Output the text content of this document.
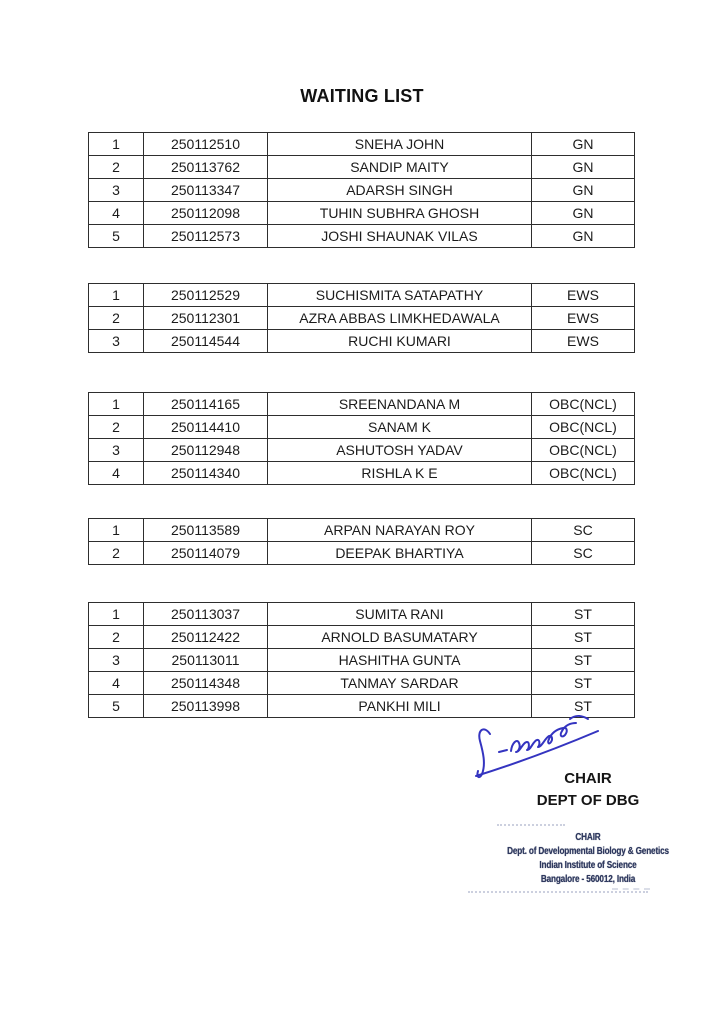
WAITING LIST
1	250112510	SNEHA JOHN	GN
2	250113762	SANDIP MAITY	GN
3	250113347	ADARSH SINGH	GN
4	250112098	TUHIN SUBHRA GHOSH	GN
5	250112573	JOSHI SHAUNAK VILAS	GN
1	250112529	SUCHISMITA SATAPATHY	EWS
2	250112301	AZRA ABBAS LIMKHEDAWALA	EWS
3	250114544	RUCHI KUMARI	EWS
1	250114165	SREENANDANA M	OBC(NCL)
2	250114410	SANAM K	OBC(NCL)
3	250112948	ASHUTOSH YADAV	OBC(NCL)
4	250114340	RISHLA K E	OBC(NCL)
1	250113589	ARPAN NARAYAN ROY	SC
2	250114079	DEEPAK BHARTIYA	SC
1	250113037	SUMITA RANI	ST
2	250112422	ARNOLD BASUMATARY	ST
3	250113011	HASHITHA GUNTA	ST
4	250114348	TANMAY SARDAR	ST
5	250113998	PANKHI MILI	ST
CHAIR
DEPT OF DBG
CHAIR
Dept. of Developmental Biology & Genetics
Indian Institute of Science
Bangalore - 560012, India
